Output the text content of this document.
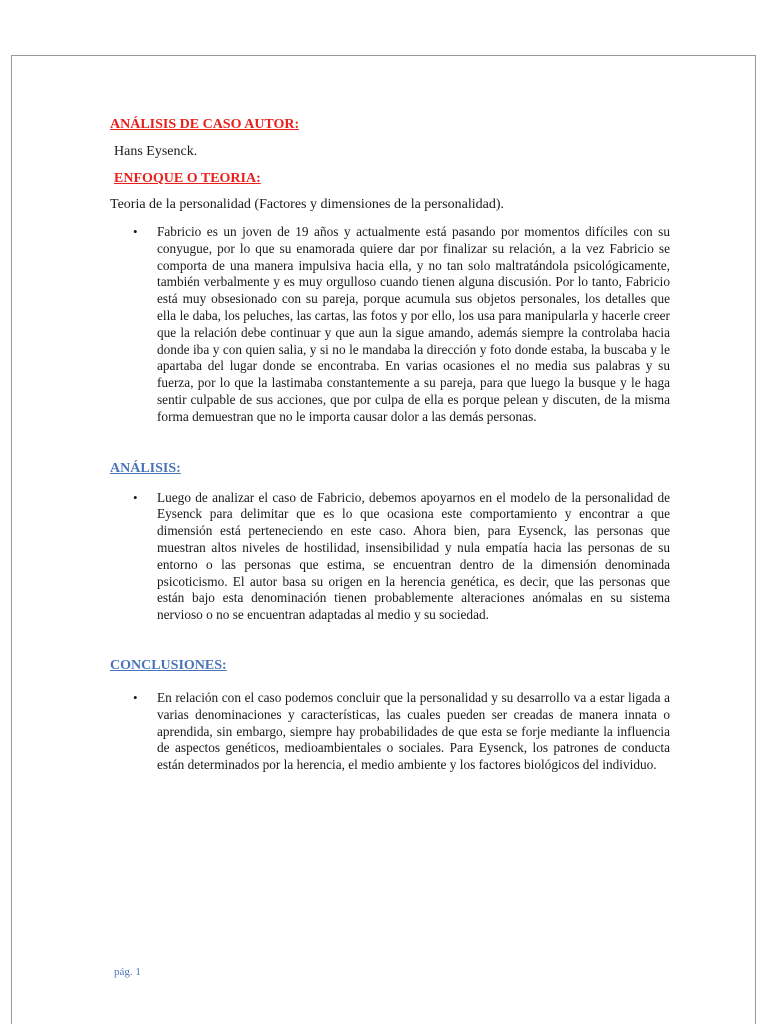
ANÁLISIS DE CASO AUTOR:

Hans Eysenck.

ENFOQUE O TEORIA:

Teoria de la personalidad (Factores y dimensiones de la personalidad).

• Fabricio es un joven de 19 años y actualmente está pasando por momentos difíciles con su conyugue, por lo que su enamorada quiere dar por finalizar su relación, a la vez Fabricio se comporta de una manera impulsiva hacia ella, y no tan solo maltratándola psicológicamente, también verbalmente y es muy orgulloso cuando tienen alguna discusión. Por lo tanto, Fabricio está muy obsesionado con su pareja, porque acumula sus objetos personales, los detalles que ella le daba, los peluches, las cartas, las fotos y por ello, los usa para manipularla y hacerle creer que la relación debe continuar y que aun la sigue amando, además siempre la controlaba hacia donde iba y con quien salia, y si no le mandaba la dirección y foto donde estaba, la buscaba y le apartaba del lugar donde se encontraba. En varias ocasiones el no media sus palabras y su fuerza, por lo que la lastimaba constantemente a su pareja, para que luego la busque y le haga sentir culpable de sus acciones, que por culpa de ella es porque pelean y discuten, de la misma forma demuestran que no le importa causar dolor a las demás personas.

ANÁLISIS:

• Luego de analizar el caso de Fabricio, debemos apoyarnos en el modelo de la personalidad de Eysenck para delimitar que es lo que ocasiona este comportamiento y encontrar a que dimensión está perteneciendo en este caso. Ahora bien, para Eysenck, las personas que muestran altos niveles de hostilidad, insensibilidad y nula empatía hacia las personas de su entorno o las personas que estima, se encuentran dentro de la dimensión denominada psicoticismo. El autor basa su origen en la herencia genética, es decir, que las personas que están bajo esta denominación tienen probablemente alteraciones anómalas en su sistema nervioso o no se encuentran adaptadas al medio y su sociedad.

CONCLUSIONES:

• En relación con el caso podemos concluir que la personalidad y su desarrollo va a estar ligada a varias denominaciones y características, las cuales pueden ser creadas de manera innata o aprendida, sin embargo, siempre hay probabilidades de que esta se forje mediante la influencia de aspectos genéticos, medioambientales o sociales. Para Eysenck, los patrones de conducta están determinados por la herencia, el medio ambiente y los factores biológicos del individuo.
pág. 1
